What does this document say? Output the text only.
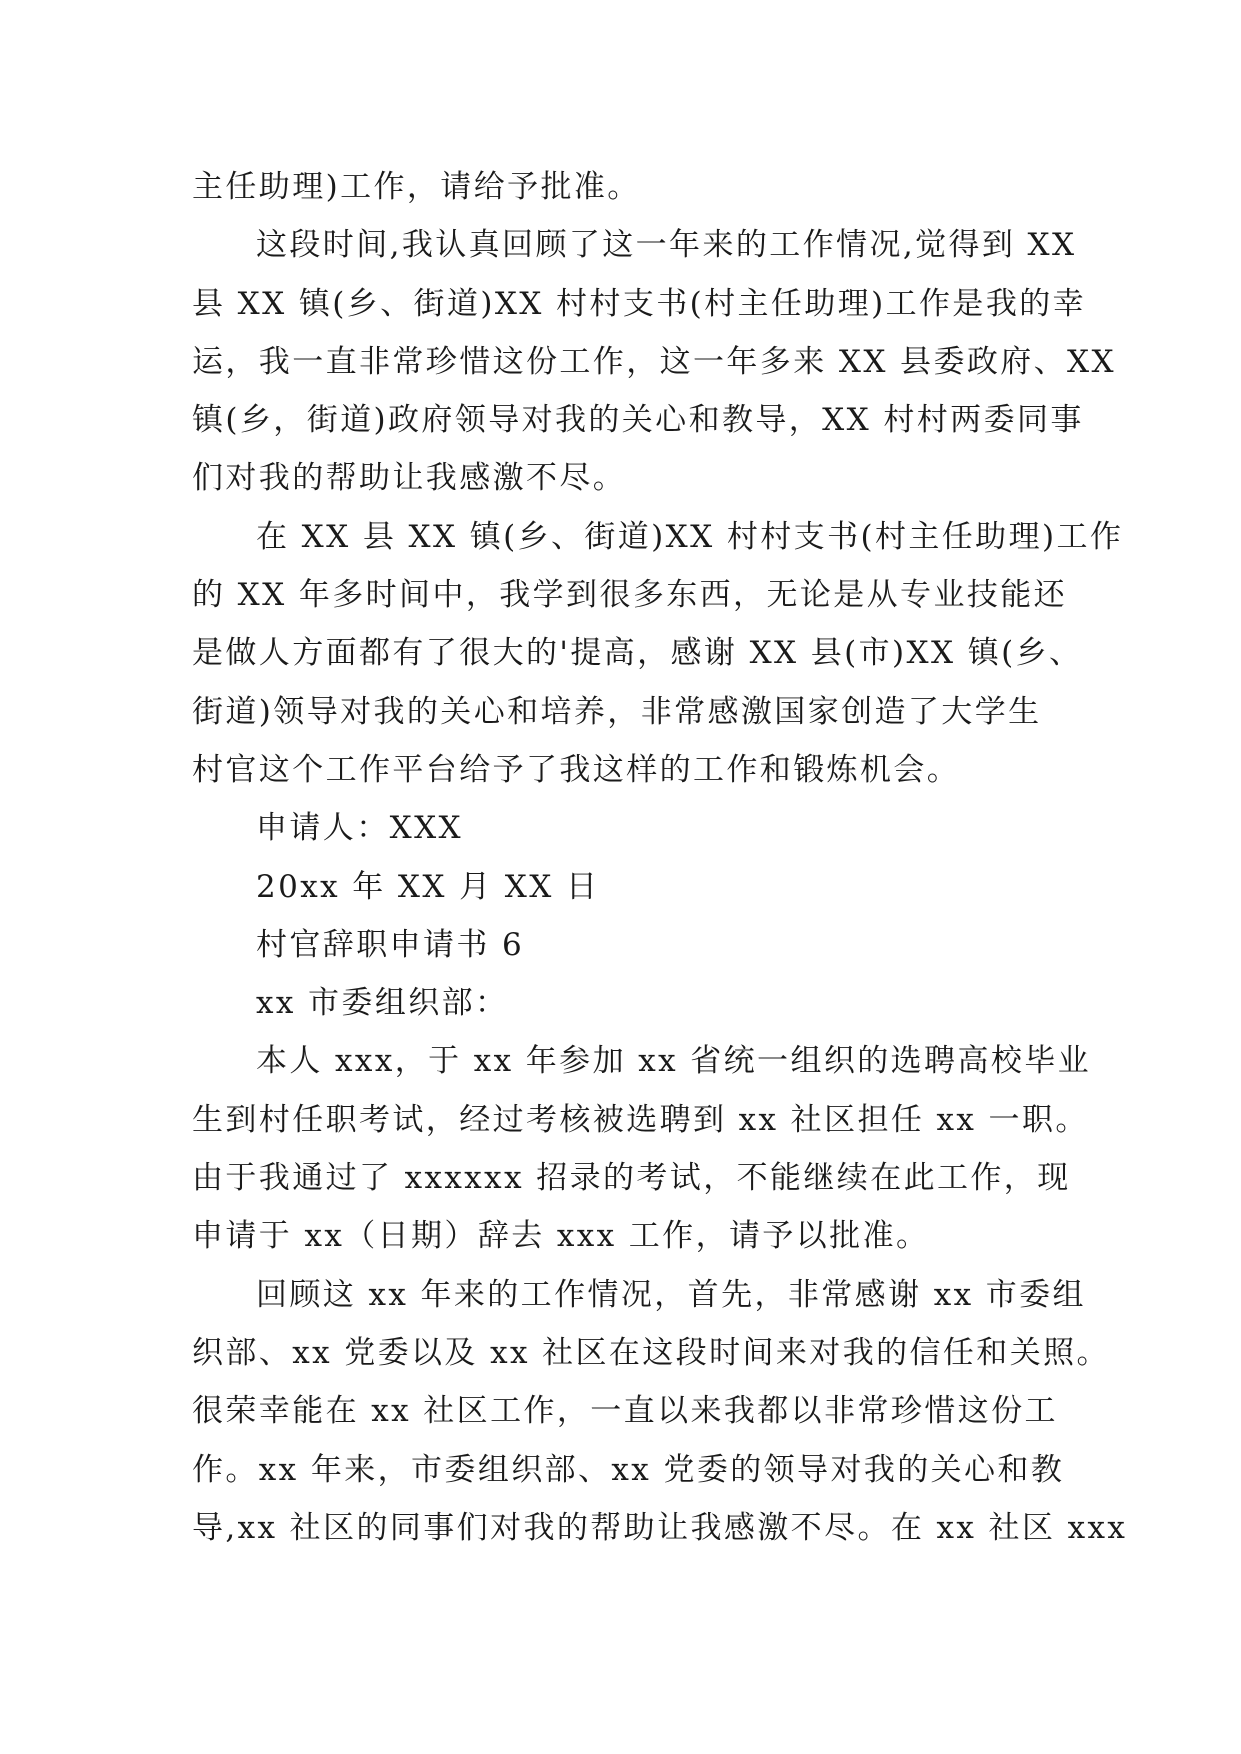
主任助理)工作，请给予批准。
这段时间,我认真回顾了这一年来的工作情况,觉得到 XX
县 XX 镇(乡、街道)XX 村村支书(村主任助理)工作是我的幸
运，我一直非常珍惜这份工作，这一年多来 XX 县委政府、XX
镇(乡，街道)政府领导对我的关心和教导，XX 村村两委同事
们对我的帮助让我感激不尽。
在 XX 县 XX 镇(乡、街道)XX 村村支书(村主任助理)工作
的 XX 年多时间中，我学到很多东西，无论是从专业技能还
是做人方面都有了很大的'提高，感谢 XX 县(市)XX 镇(乡、
街道)领导对我的关心和培养，非常感激国家创造了大学生
村官这个工作平台给予了我这样的工作和锻炼机会。
申请人：XXX
20xx 年 XX 月 XX 日
村官辞职申请书 6
xx 市委组织部：
本人 xxx，于 xx 年参加 xx 省统一组织的选聘高校毕业
生到村任职考试，经过考核被选聘到 xx 社区担任 xx 一职。
由于我通过了 xxxxxx 招录的考试，不能继续在此工作，现
申请于 xx（日期）辞去 xxx 工作，请予以批准。
回顾这 xx 年来的工作情况，首先，非常感谢 xx 市委组
织部、xx 党委以及 xx 社区在这段时间来对我的信任和关照。
很荣幸能在 xx 社区工作，一直以来我都以非常珍惜这份工
作。xx 年来，市委组织部、xx 党委的领导对我的关心和教
导,xx 社区的同事们对我的帮助让我感激不尽。在 xx 社区 xxx
